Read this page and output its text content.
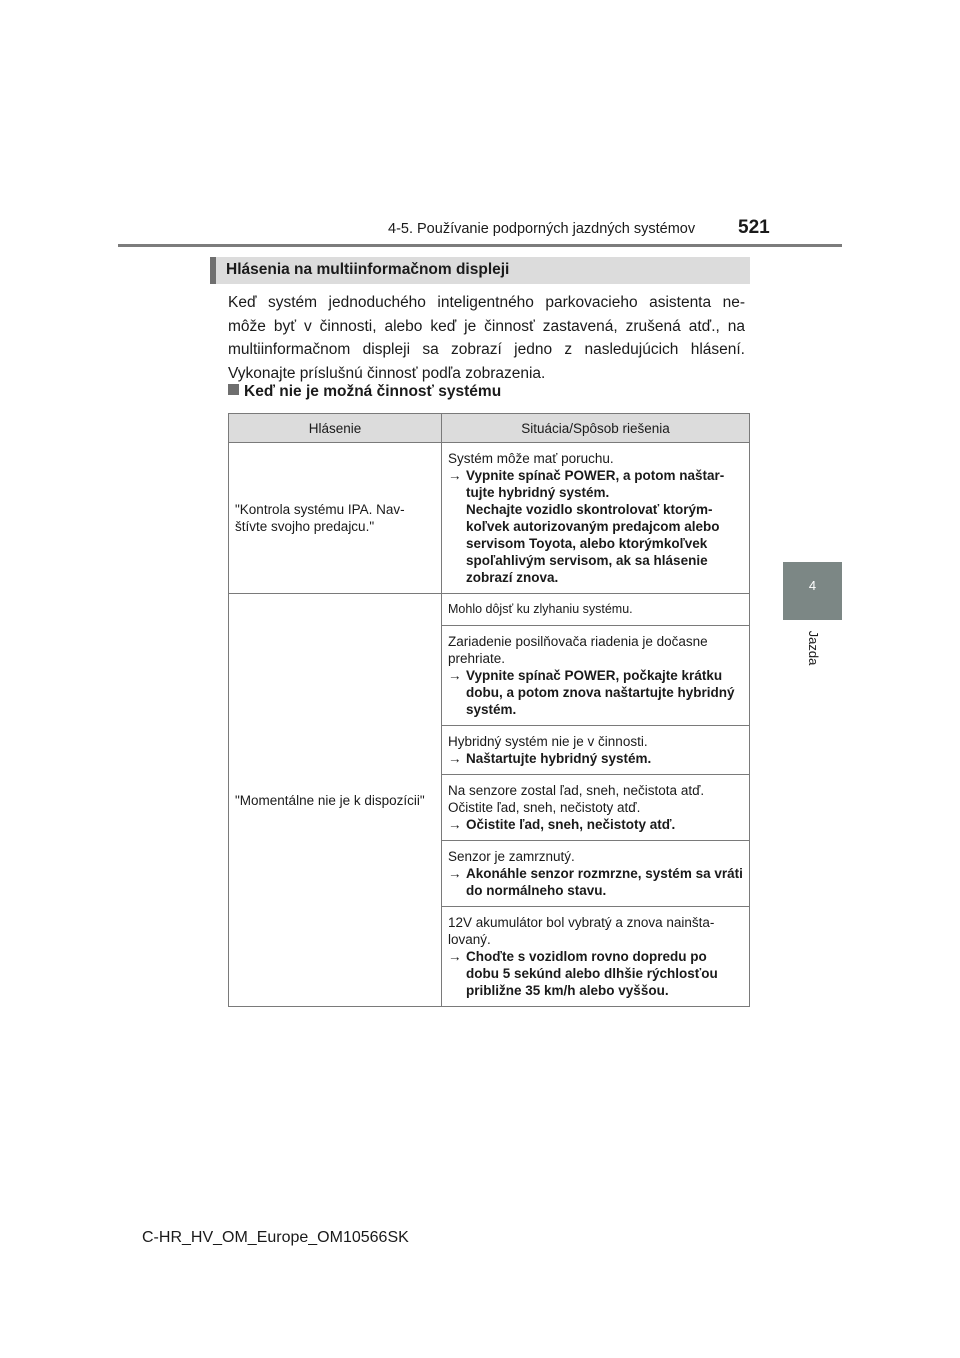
4-5. Používanie podporných jazdných systémov 521
4
Jazda
Hlásenia na multiinformačnom displeji
Keď systém jednoduchého inteligentného parkovacieho asistenta ne-
môže byť v činnosti, alebo keď je činnosť zastavená, zrušená atď., na
multiinformačnom displeji sa zobrazí jedno z nasledujúcich hlásení.
Vykonajte príslušnú činnosť podľa zobrazenia.
Keď nie je možná činnosť systému
Hlásenie	Situácia/Spôsob riešenia
"Kontrola systému IPA. Nav-štívte svojho predajcu."	Systém môže mať poruchu.
→ Vypnite spínač POWER, a potom naštar-tujte hybridný systém.
Nechajte vozidlo skontrolovať ktorým-koľvek autorizovaným predajcom alebo servisom Toyota, alebo ktorýmkoľvek spoľahlivým servisom, ak sa hlásenie zobrazí znova.

"Momentálne nie je k dispozícii"	Mohlo dôjsť ku zlyhaniu systému.

	Zariadenie posilňovača riadenia je dočasne prehriate.
→ Vypnite spínač POWER, počkajte krátku dobu, a potom znova naštartujte hybridný systém.

	Hybridný systém nie je v činnosti.
→ Naštartujte hybridný systém.

	Na senzore zostal ľad, sneh, nečistota atď.
Očistite ľad, sneh, nečistoty atď.
→ Očistite ľad, sneh, nečistoty atď.

	Senzor je zamrznutý.
→ Akonáhle senzor rozmrzne, systém sa vráti do normálneho stavu.

	12V akumulátor bol vybratý a znova nainšta-lovaný.
→ Choďte s vozidlom rovno dopredu po dobu 5 sekúnd alebo dlhšie rýchlosťou približne 35 km/h alebo vyššou.
C-HR_HV_OM_Europe_OM10566SK
